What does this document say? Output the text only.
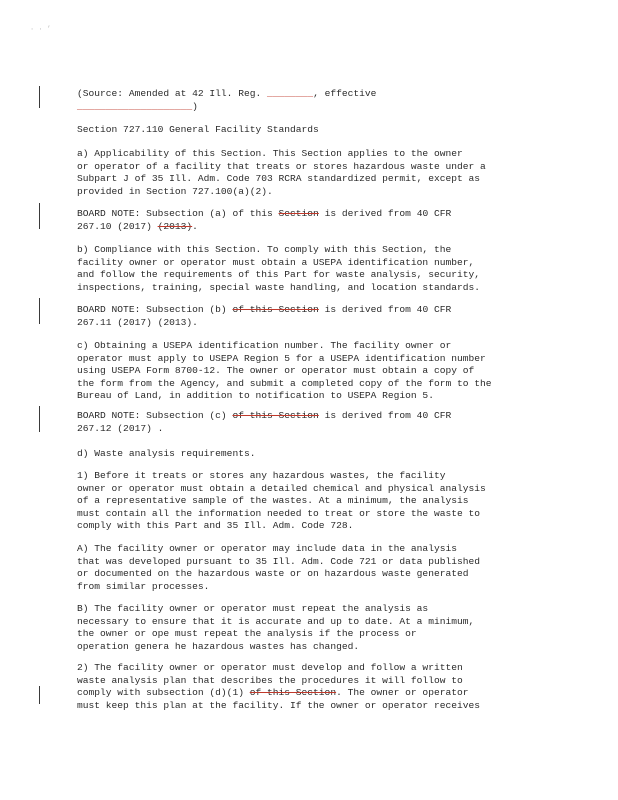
· · ’
(Source: Amended at 42 Ill. Reg. ________, effective
____________________)
Section 727.110 General Facility Standards
a) Applicability of this Section. This Section applies to the owner
or operator of a facility that treats or stores hazardous waste under a
Subpart J of 35 Ill. Adm. Code 703 RCRA standardized permit, except as
provided in Section 727.100(a)(2).
BOARD NOTE: Subsection (a) of this Section is derived from 40 CFR
267.10 (2017) (2013).
b) Compliance with this Section. To comply with this Section, the
facility owner or operator must obtain a USEPA identification number,
and follow the requirements of this Part for waste analysis, security,
inspections, training, special waste handling, and location standards.
BOARD NOTE: Subsection (b) of this Section is derived from 40 CFR
267.11 (2017) (2013).
c) Obtaining a USEPA identification number. The facility owner or
operator must apply to USEPA Region 5 for a USEPA identification number
using USEPA Form 8700-12. The owner or operator must obtain a copy of
the form from the Agency, and submit a completed copy of the form to the
Bureau of Land, in addition to notification to USEPA Region 5.
BOARD NOTE: Subsection (c) of this Section is derived from 40 CFR
267.12 (2017) .
d) Waste analysis requirements.
1) Before it treats or stores any hazardous wastes, the facility
owner or operator must obtain a detailed chemical and physical analysis
of a representative sample of the wastes. At a minimum, the analysis
must contain all the information needed to treat or store the waste to
comply with this Part and 35 Ill. Adm. Code 728.
A) The facility owner or operator may include data in the analysis
that was developed pursuant to 35 Ill. Adm. Code 721 or data published
or documented on the hazardous waste or on hazardous waste generated
from similar processes.
B) The facility owner or operator must repeat the analysis as
necessary to ensure that it is accurate and up to date. At a minimum,
the owner or ope must repeat the analysis if the process or
operation genera he hazardous wastes has changed.
2) The facility owner or operator must develop and follow a written
waste analysis plan that describes the procedures it will follow to
comply with subsection (d)(1) of this Section. The owner or operator
must keep this plan at the facility. If the owner or operator receives
